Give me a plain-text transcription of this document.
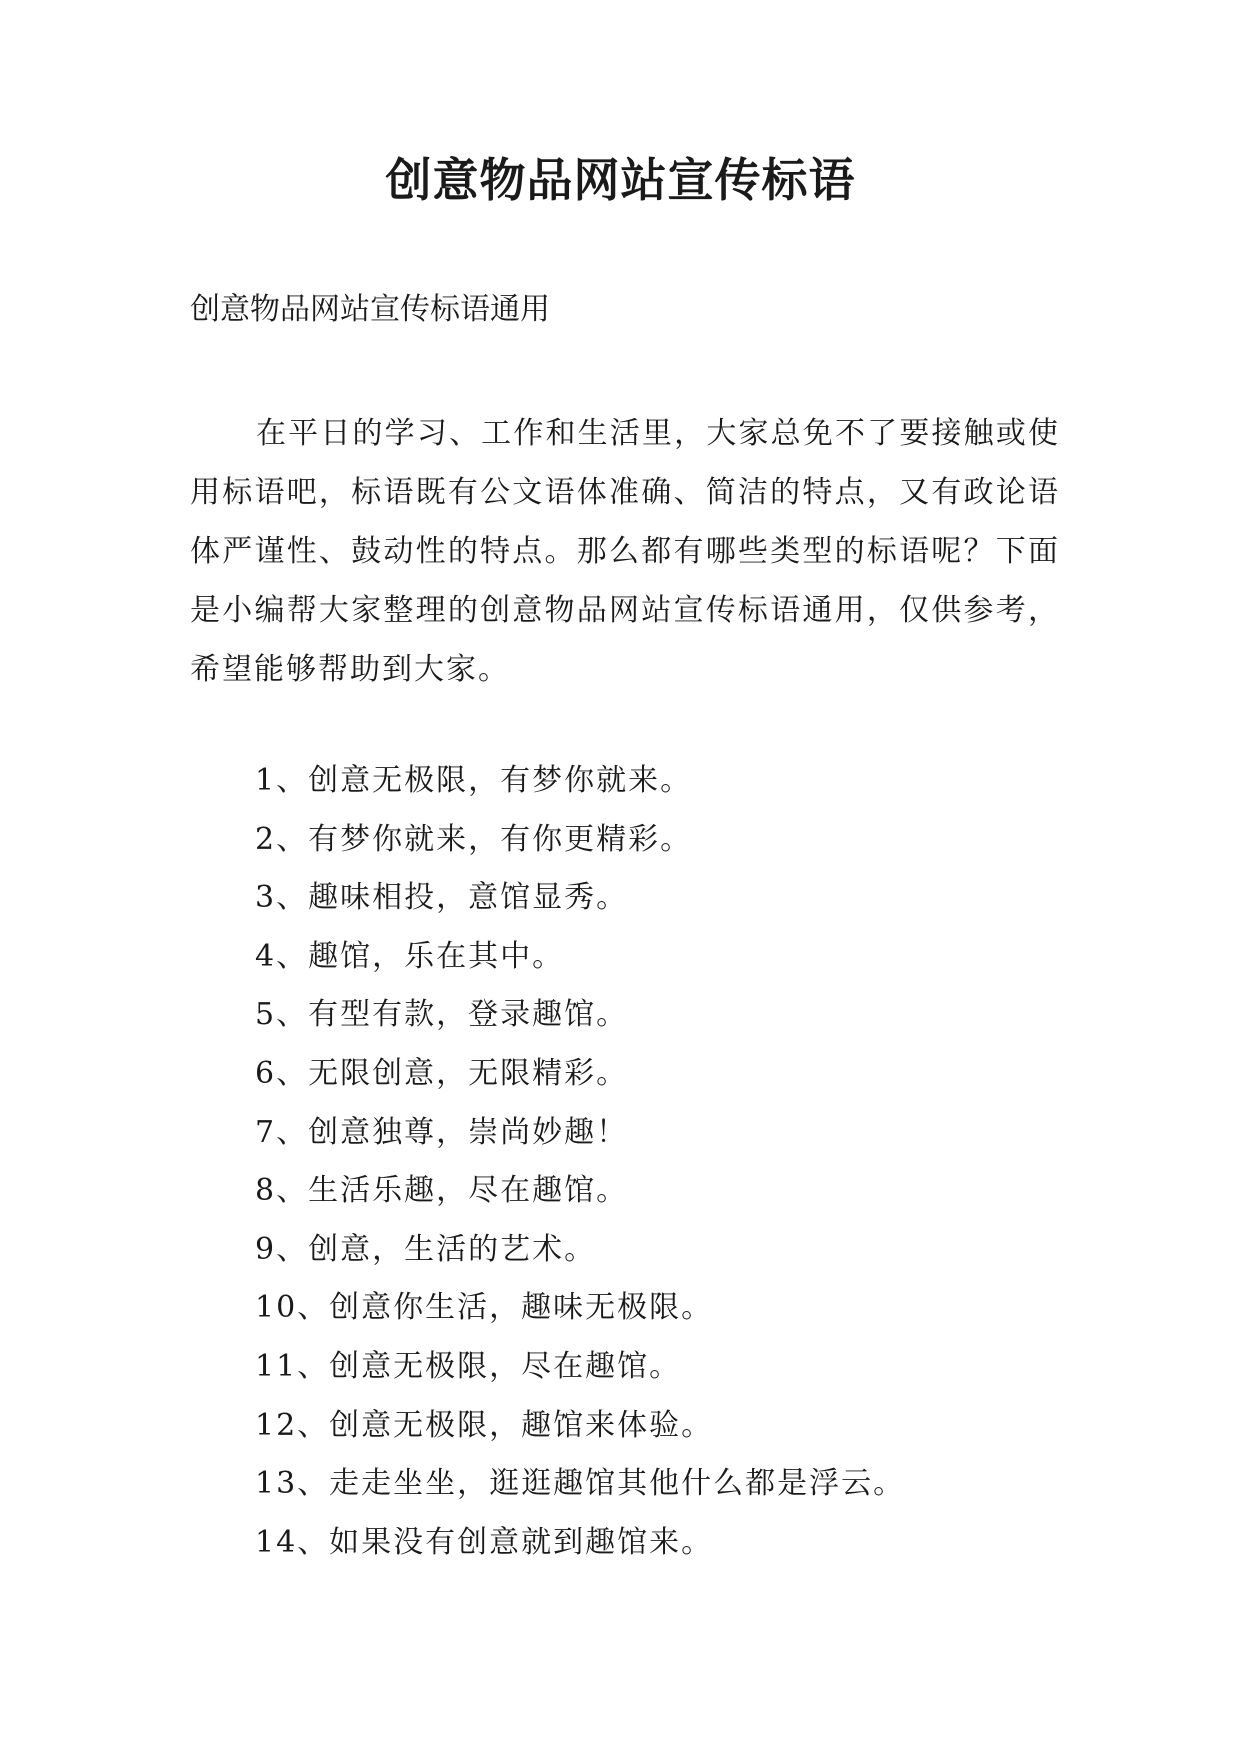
创意物品网站宣传标语

创意物品网站宣传标语通用

在平日的学习、工作和生活里，大家总免不了要接触或使用标语吧，标语既有公文语体准确、简洁的特点，又有政论语体严谨性、鼓动性的特点。那么都有哪些类型的标语呢？下面是小编帮大家整理的创意物品网站宣传标语通用，仅供参考，希望能够帮助到大家。

1、创意无极限，有梦你就来。
2、有梦你就来，有你更精彩。
3、趣味相投，意馆显秀。
4、趣馆，乐在其中。
5、有型有款，登录趣馆。
6、无限创意，无限精彩。
7、创意独尊，崇尚妙趣！
8、生活乐趣，尽在趣馆。
9、创意，生活的艺术。
10、创意你生活，趣味无极限。
11、创意无极限，尽在趣馆。
12、创意无极限，趣馆来体验。
13、走走坐坐，逛逛趣馆其他什么都是浮云。
14、如果没有创意就到趣馆来。
